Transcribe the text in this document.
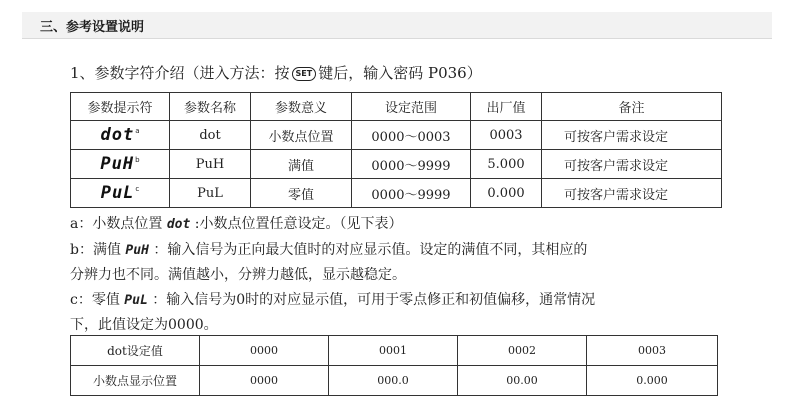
三、参考设置说明
1、参数字符介绍（进入方法：按 SET 键后，输入密码 P036）
参数提示符	参数名称	参数意义	设定范围	出厂值	备注
dot$^a$	dot	小数点位置	0000～0003	0003	可按客户需求设定
PuH$^b$	PuH	满值	0000～9999	5.000	可按客户需求设定
PuL$^c$	PuL	零值	0000～9999	0.000	可按客户需求设定

a：小数点位置 dot :小数点位置任意设定。（见下表）

b：满值 PuH ：输入信号为正向最大值时的对应显示值。设定的满值不同，其相应的

分辨力也不同。满值越小，分辨力越低，显示越稳定。

c：零值 PuL ：输入信号为0时的对应显示值，可用于零点修正和初值偏移，通常情况

下，此值设定为0000。

dot设定值	0000	0001	0002	0003
小数点显示位置	0000	000.0	00.00	0.000
